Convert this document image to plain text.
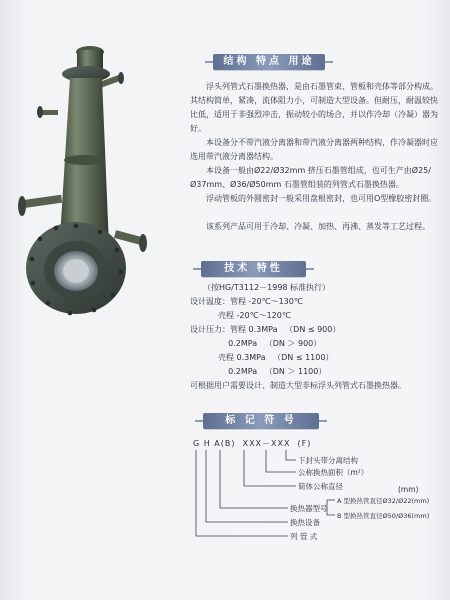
结构 特点 用途

浮头列管式石墨换热器，是由石墨管束、管板和壳体等部分构成。其结构简单，紧凑，流体阻力小，可制造大型设备。但耐压，耐温较快比低，适用于非强烈冲击，振动较小的场合，并以作冷却（冷凝）器为好。

本设备分不带汽液分离器和带汽液分离器两种结构，作冷凝器时应选用带汽液分离器结构。

本设备一般由Ø22/Ø32mm 挤压石墨管组成，也可生产由Ø25/Ø37mm、Ø36/Ø50mm 石墨管组装的列管式石墨换热器。

浮动管板的外圆密封一般采用盘根密封，也可用O型橡胶密封圈。

该系列产品可用于冷却、冷凝、加热、再沸、蒸发等工艺过程。

技术 特性
（按HG/T3112－1998 标准执行）
设计温度：管程 -20℃～130℃
壳程 -20℃～120℃
设计压力：管程 0.3MPa   （DN ≤ 900）
0.2MPa   （DN ＞ 900）
壳程 0.3MPa   （DN ≤ 1100）
0.2MPa   （DN ＞ 1100）
可根据用户需要设计、制造大型非标浮头列管式石墨换热器。
标 记 符 号
G H A(B)  XXX－XXX  (F)
下封头带分离结构
公称换热面积（m²）
简体公称直径	(mm)
换热器型号
A 型换热管直径Ø32/Ø22(mm)
B 型换热管直径Ø50/Ø36(mm)
换热设备
列 管 式
